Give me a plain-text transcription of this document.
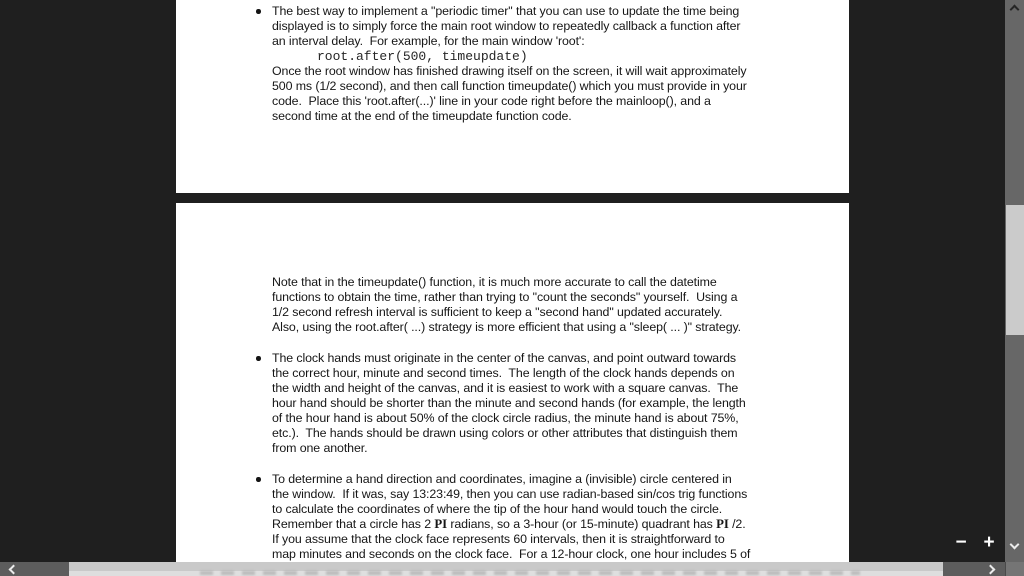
The best way to implement a "periodic timer" that you can use to update the time being
displayed is to simply force the main root window to repeatedly callback a function after
an interval delay.  For example, for the main window 'root':
root.after(500, timeupdate)
Once the root window has finished drawing itself on the screen, it will wait approximately
500 ms (1/2 second), and then call function timeupdate() which you must provide in your
code.  Place this 'root.after(...)' line in your code right before the mainloop(), and a
second time at the end of the timeupdate function code.
Note that in the timeupdate() function, it is much more accurate to call the datetime
functions to obtain the time, rather than trying to "count the seconds" yourself.  Using a
1/2 second refresh interval is sufficient to keep a "second hand" updated accurately.
Also, using the root.after( ...) strategy is more efficient that using a "sleep( ... )" strategy.
The clock hands must originate in the center of the canvas, and point outward towards
the correct hour, minute and second times.  The length of the clock hands depends on
the width and height of the canvas, and it is easiest to work with a square canvas.  The
hour hand should be shorter than the minute and second hands (for example, the length
of the hour hand is about 50% of the clock circle radius, the minute hand is about 75%,
etc.).  The hands should be drawn using colors or other attributes that distinguish them
from one another.
To determine a hand direction and coordinates, imagine a (invisible) circle centered in
the window.  If it was, say 13:23:49, then you can use radian-based sin/cos trig functions
to calculate the coordinates of where the tip of the hour hand would touch the circle.
Remember that a circle has 2 PI radians, so a 3-hour (or 15-minute) quadrant has PI /2.
If you assume that the clock face represents 60 intervals, then it is straightforward to
map minutes and seconds on the clock face.  For a 12-hour clock, one hour includes 5 of
− +
